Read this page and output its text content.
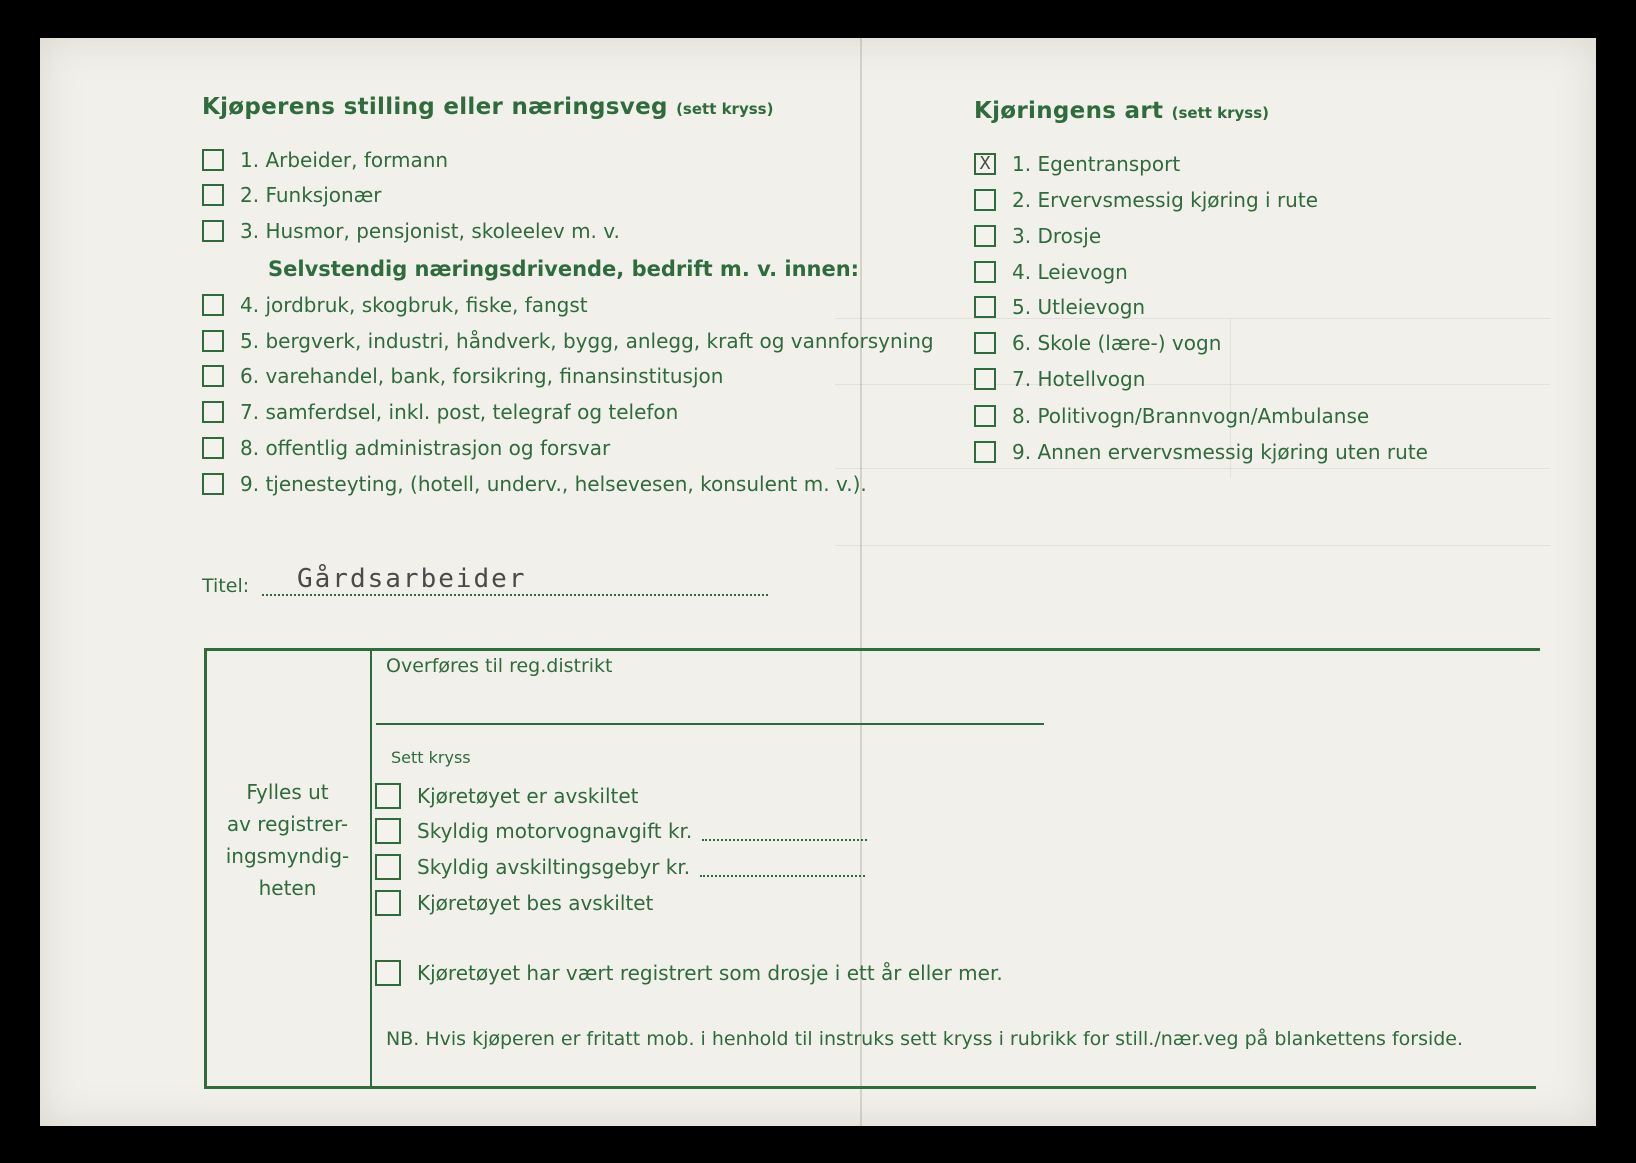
Kjøperens stilling eller næringsveg (sett kryss)
1. Arbeider, formann
2. Funksjonær
3. Husmor, pensjonist, skoleelev m. v.
Selvstendig næringsdrivende, bedrift m. v. innen:
4. jordbruk, skogbruk, fiske, fangst
5. bergverk, industri, håndverk, bygg, anlegg, kraft og vannforsyning
6. varehandel, bank, forsikring, finansinstitusjon
7. samferdsel, inkl. post, telegraf og telefon
8. offentlig administrasjon og forsvar
9. tjenesteyting, (hotell, underv., helsevesen, konsulent m. v.).
Kjøringens art (sett kryss)
X 1. Egentransport
2. Ervervsmessig kjøring i rute
3. Drosje
4. Leievogn
5. Utleievogn
6. Skole (lære-) vogn
7. Hotellvogn
8. Politivogn/Brannvogn/Ambulanse
9. Annen ervervsmessig kjøring uten rute
Titel: Gårdsarbeider
Fylles ut
av registrer-
ingsmyndig-
heten
Overføres til reg.distrikt
Sett kryss
Kjøretøyet er avskiltet
Skyldig motorvognavgift kr.
Skyldig avskiltingsgebyr kr.
Kjøretøyet bes avskiltet
Kjøretøyet har vært registrert som drosje i ett år eller mer.
NB. Hvis kjøperen er fritatt mob. i henhold til instruks sett kryss i rubrikk for still./nær.veg på blankettens forside.
